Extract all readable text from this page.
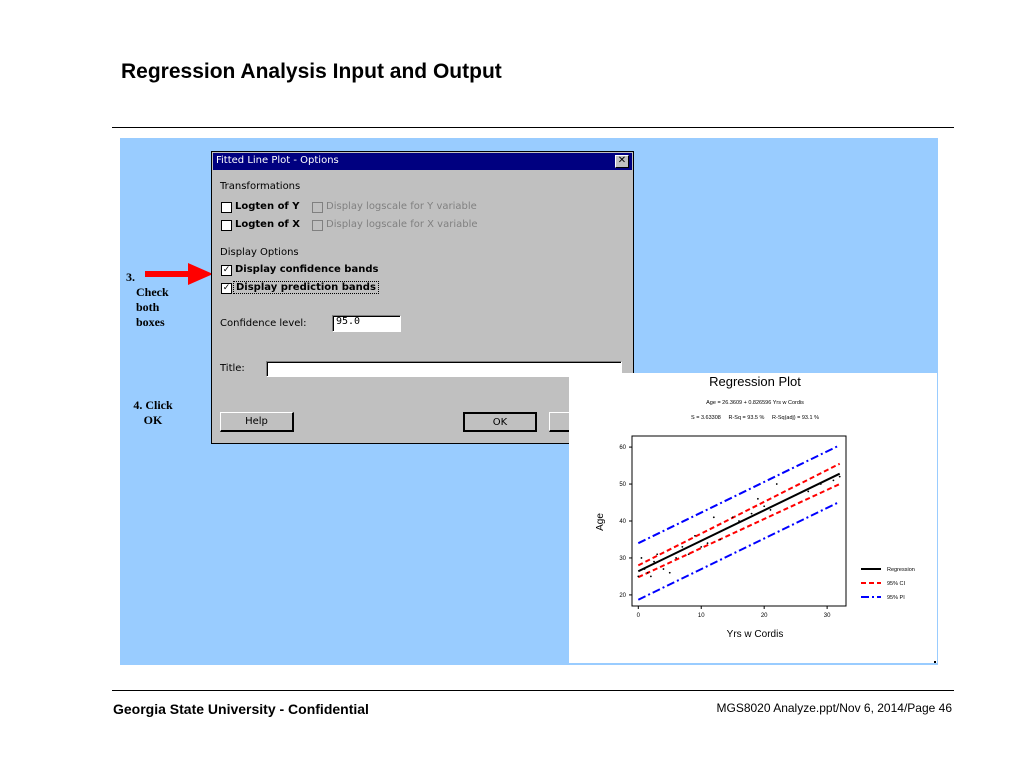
Regression Analysis Input and Output
3.
Check
both
boxes
4. Click
OK
Fitted Line Plot - Options	✕
Transformations
Logten of Y	Display logscale for Y variable
Logten of X	Display logscale for X variable
Display Options
✓ Display confidence bands
✓ Display prediction bands
Confidence level:	95.0
Title:
Help	OK
Regression Plot
Age = 26.3609 + 0.826596 Yrs w Cordis
S = 3.63308     R-Sq = 93.5 %     R-Sq(adj) = 93.1 %
0	10	20	30
20
30
40
50
60
Yrs w Cordis
Age
Regression
95% CI
95% PI
Georgia State University - Confidential	MGS8020 Analyze.ppt/Nov 6, 2014/Page 46
